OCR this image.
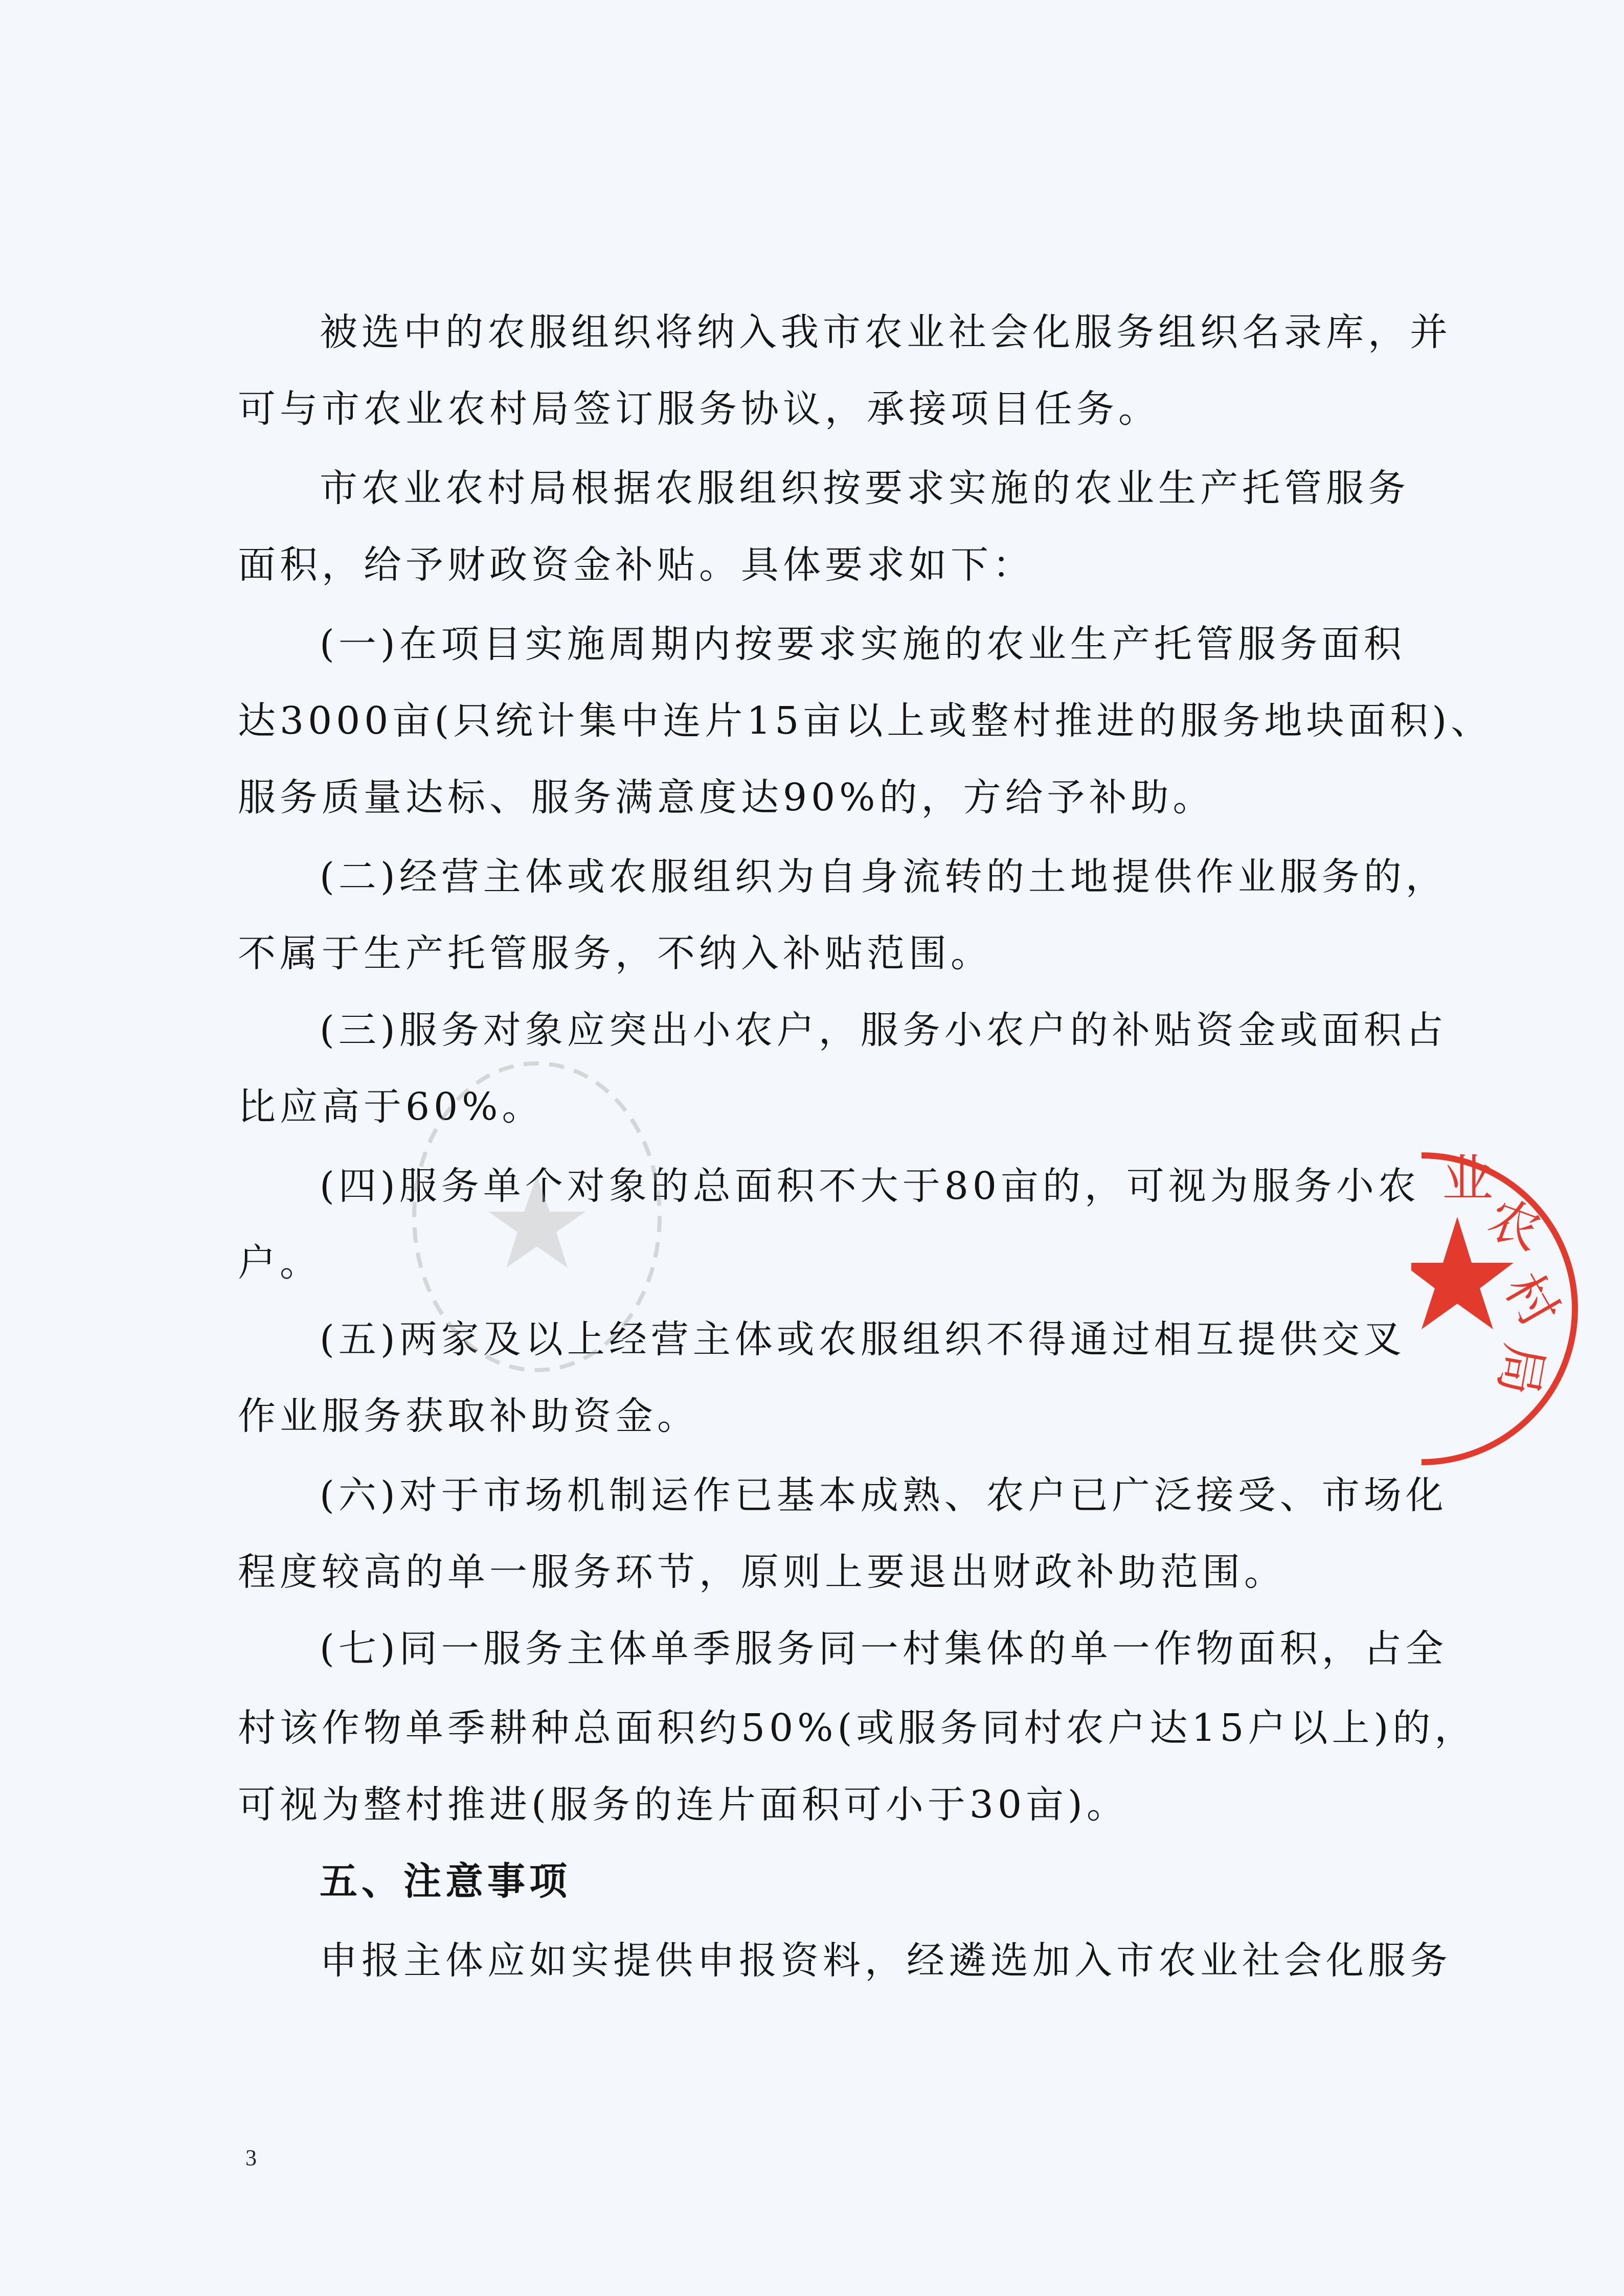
被选中的农服组织将纳入我市农业社会化服务组织名录库，并
可与市农业农村局签订服务协议，承接项目任务。
市农业农村局根据农服组织按要求实施的农业生产托管服务
面积，给予财政资金补贴。具体要求如下：
(一)在项目实施周期内按要求实施的农业生产托管服务面积
达3000亩(只统计集中连片15亩以上或整村推进的服务地块面积)、
服务质量达标、服务满意度达90%的，方给予补助。
(二)经营主体或农服组织为自身流转的土地提供作业服务的，
不属于生产托管服务，不纳入补贴范围。
(三)服务对象应突出小农户，服务小农户的补贴资金或面积占
比应高于60%。
(四)服务单个对象的总面积不大于80亩的，可视为服务小农
户。
(五)两家及以上经营主体或农服组织不得通过相互提供交叉
作业服务获取补助资金。
(六)对于市场机制运作已基本成熟、农户已广泛接受、市场化
程度较高的单一服务环节，原则上要退出财政补助范围。
(七)同一服务主体单季服务同一村集体的单一作物面积，占全
村该作物单季耕种总面积约50%(或服务同村农户达15户以上)的，
可视为整村推进(服务的连片面积可小于30亩)。
五、注意事项
申报主体应如实提供申报资料，经遴选加入市农业社会化服务
业
农
村
局
3
